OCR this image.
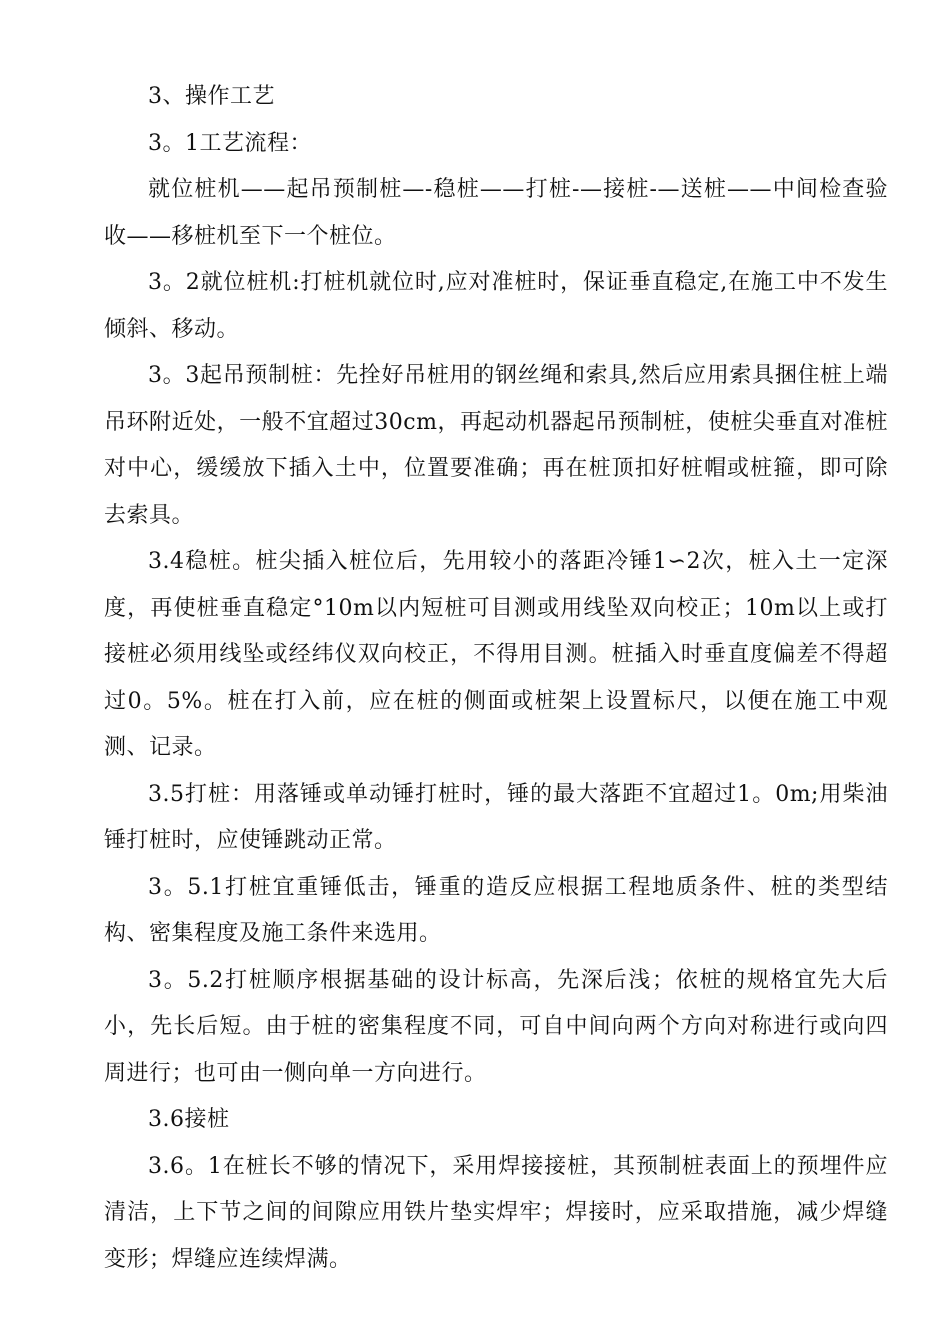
3、操作工艺

3。1工艺流程：

就位桩机——起吊预制桩—-稳桩——打桩-—接桩-—送桩——中间检查验收——移桩机至下一个桩位。

3。2就位桩机:打桩机就位时,应对准桩时，保证垂直稳定,在施工中不发生倾斜、移动。

3。3起吊预制桩：先拴好吊桩用的钢丝绳和索具,然后应用索具捆住桩上端吊环附近处，一般不宜超过30cm，再起动机器起吊预制桩，使桩尖垂直对准桩对中心，缓缓放下插入土中，位置要准确；再在桩顶扣好桩帽或桩箍，即可除去索具。

3.4稳桩。桩尖插入桩位后，先用较小的落距冷锤1∽2次，桩入土一定深度，再使桩垂直稳定°10m以内短桩可目测或用线坠双向校正；10m以上或打接桩必须用线坠或经纬仪双向校正，不得用目测。桩插入时垂直度偏差不得超过0。5%。桩在打入前，应在桩的侧面或桩架上设置标尺，以便在施工中观测、记录。

3.5打桩：用落锤或单动锤打桩时，锤的最大落距不宜超过1。0m;用柴油锤打桩时，应使锤跳动正常。

3。5.1打桩宜重锤低击，锤重的造反应根据工程地质条件、桩的类型结构、密集程度及施工条件来选用。

3。5.2打桩顺序根据基础的设计标高，先深后浅；依桩的规格宜先大后小，先长后短。由于桩的密集程度不同，可自中间向两个方向对称进行或向四周进行；也可由一侧向单一方向进行。

3.6接桩

3.6。1在桩长不够的情况下，采用焊接接桩，其预制桩表面上的预埋件应清洁，上下节之间的间隙应用铁片垫实焊牢；焊接时，应采取措施，减少焊缝变形；焊缝应连续焊满。
